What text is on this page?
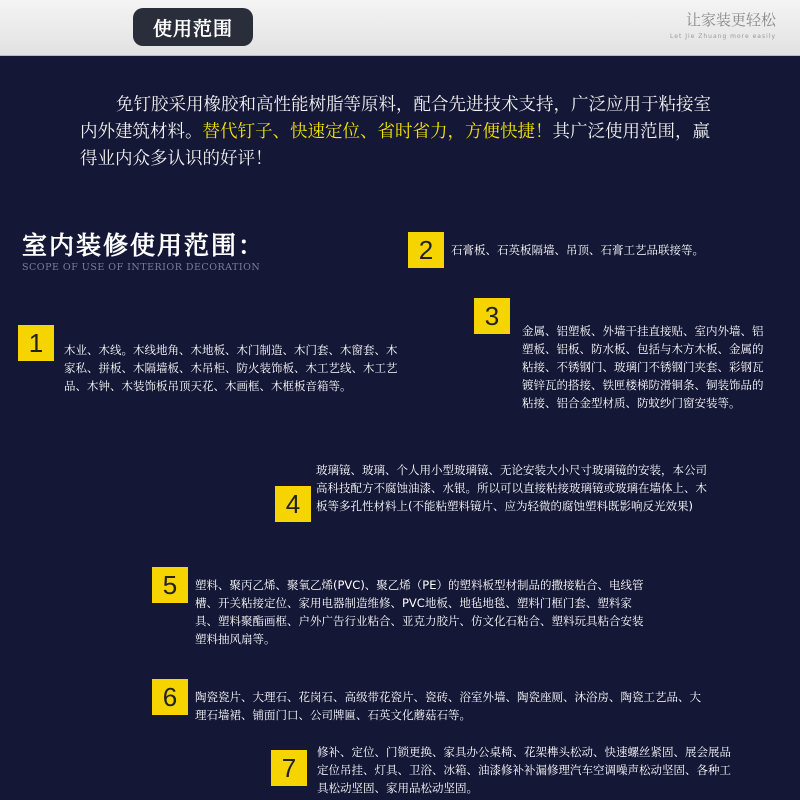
使用范围	让家装更轻松
Let Jie Zhuang more easily
免钉胶采用橡胶和高性能树脂等原料，配合先进技术支持，广泛应用于粘接室内外建筑材料。替代钉子、快速定位、省时省力，方便快捷！其广泛使用范围，赢得业内众多认识的好评！
室内装修使用范围：
SCOPE OF USE OF INTERIOR DECORATION
1	木业、木线。木线地角、木地板、木门制造、木门套、木窗套、木家私、拼板、木隔墙板、木吊柜、防火装饰板、木工艺线、木工艺品、木钟、木装饰板吊顶天花、木画框、木框板音箱等。
2	石膏板、石英板隔墙、吊顶、石膏工艺品联接等。
3
金属、铝塑板、外墙干挂直接贴、室内外墙、铝塑板、铝板、防水板、包括与木方木板、金属的粘接、不锈钢门、玻璃门不锈钢门夹套、彩钢瓦镀锌瓦的搭接、铁匣楼梯防滑铜条、铜装饰品的粘接、铝合金型材质、防蚊纱门窗安装等。
4
玻璃镜、玻璃、个人用小型玻璃镜、无论安装大小尺寸玻璃镜的安装，本公司高科技配方不腐蚀油漆、水银。所以可以直接粘接玻璃镜或玻璃在墙体上、木板等多孔性材料上(不能粘塑料镜片、应为轻微的腐蚀塑料既影响反光效果)
5	塑料、聚丙乙烯、聚氧乙烯(PVC)、聚乙烯（PE）的塑料板型材制品的撒接粘合、电线管槽、开关粘接定位、家用电器制造维修、PVC地板、地毡地毯、塑料门框门套、塑料家具、塑料聚酯画框、户外广告行业粘合、亚克力胶片、仿文化石粘合、塑料玩具粘合安装塑料抽风扇等。
6	陶瓷瓷片、大理石、花岗石、高级带花瓷片、瓷砖、浴室外墙、陶瓷座厕、沐浴房、陶瓷工艺品、大理石墙裙、铺面门口、公司牌匾、石英文化蘑菇石等。
7
修补、定位、门锁更换、家具办公桌椅、花架榫头松动、快速螺丝紧固、展会展品定位吊挂、灯具、卫浴、冰箱、油漆修补补漏修理汽车空调噪声松动坚固、各种工具松动坚固、家用品松动坚固。
